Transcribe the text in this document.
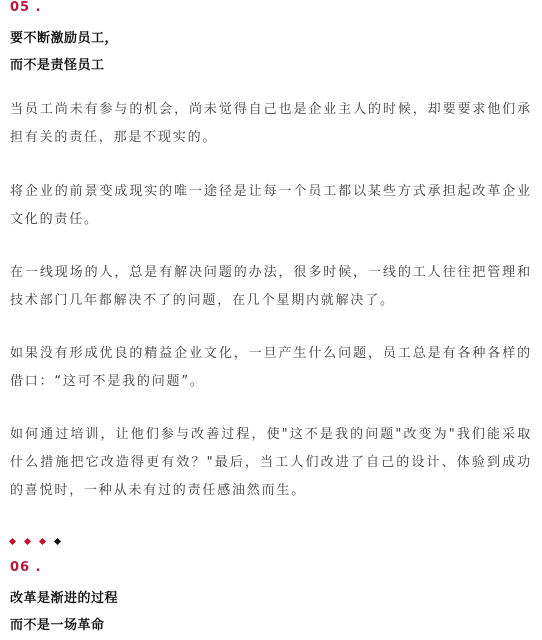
05 .
要不断激励员工，
而不是责怪员工
当员工尚未有参与的机会，尚未觉得自己也是企业主人的时候，却要要求他们承担有关的责任，那是不现实的。
将企业的前景变成现实的唯一途径是让每一个员工都以某些方式承担起改革企业文化的责任。
在一线现场的人，总是有解决问题的办法，很多时候，一线的工人往往把管理和技术部门几年都解决不了的问题，在几个星期内就解决了。
如果没有形成优良的精益企业文化，一旦产生什么问题，员工总是有各种各样的借口：“这可不是我的问题”。
如何通过培训，让他们参与改善过程，使"这不是我的问题"改变为"我们能采取什么措施把它改造得更有效？"最后，当工人们改进了自己的设计、体验到成功的喜悦时，一种从未有过的责任感油然而生。
06 .
改革是渐进的过程
而不是一场革命
